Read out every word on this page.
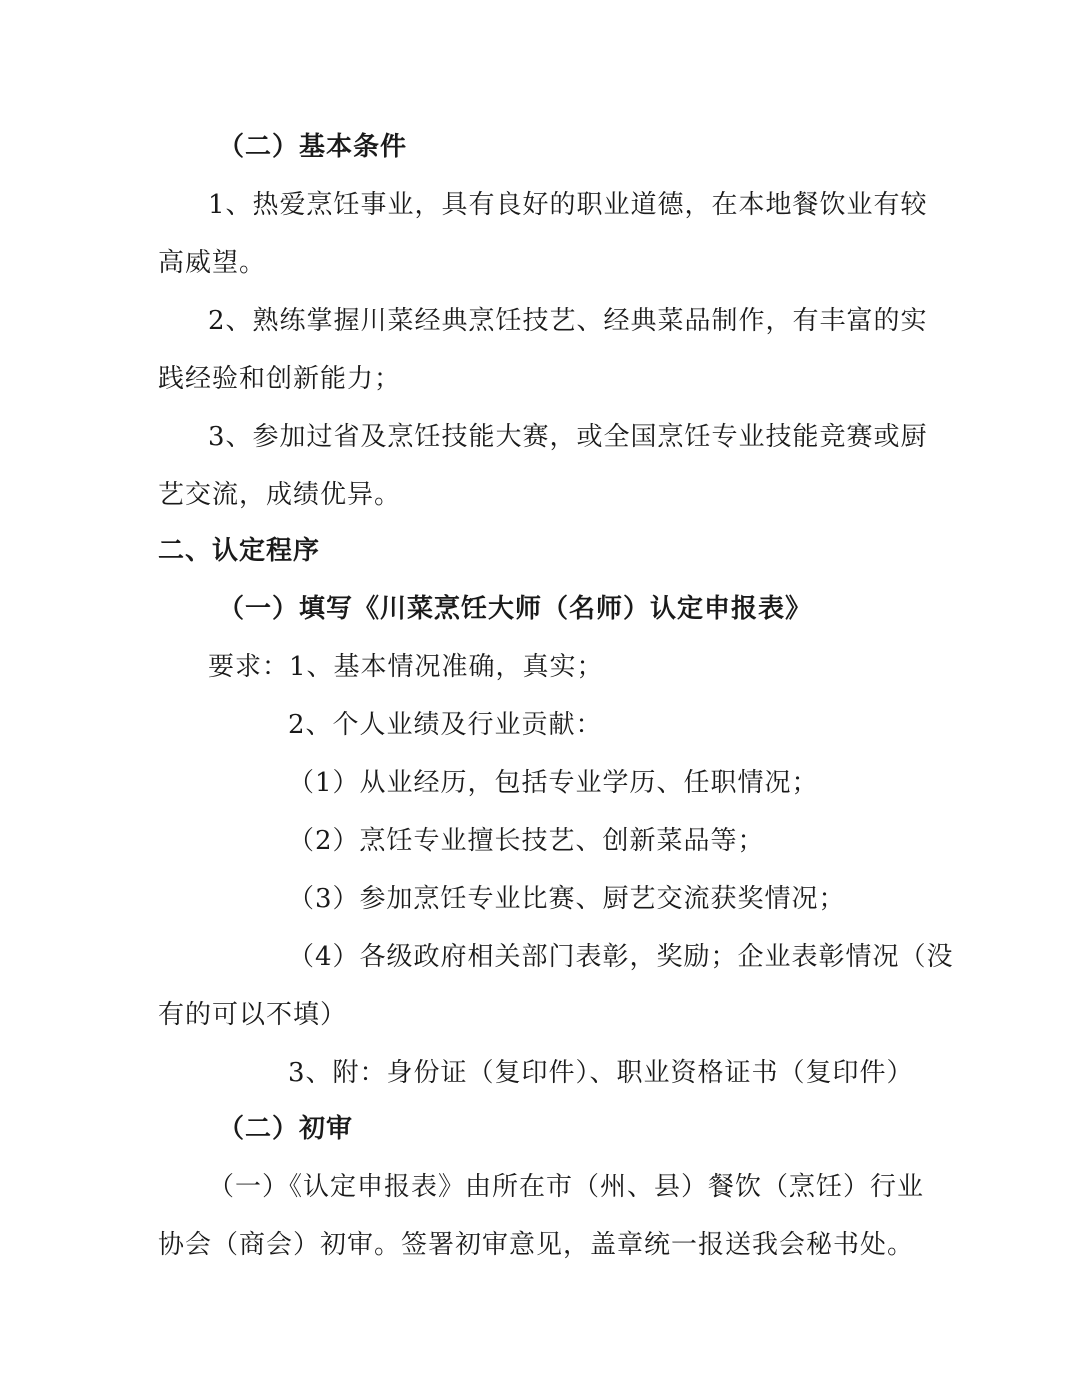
（二）基本条件
1、热爱烹饪事业，具有良好的职业道德，在本地餐饮业有较
高威望。
2、熟练掌握川菜经典烹饪技艺、经典菜品制作，有丰富的实
践经验和创新能力；
3、参加过省及烹饪技能大赛，或全国烹饪专业技能竞赛或厨
艺交流，成绩优异。
二、认定程序
（一）填写《川菜烹饪大师（名师）认定申报表》
要求：1、基本情况准确，真实；
2、个人业绩及行业贡献：
（1）从业经历，包括专业学历、任职情况；
（2）烹饪专业擅长技艺、创新菜品等；
（3）参加烹饪专业比赛、厨艺交流获奖情况；
（4）各级政府相关部门表彰，奖励；企业表彰情况（没
有的可以不填）
3、附：身份证（复印件）、职业资格证书（复印件）
（二）初审
（一）《认定申报表》由所在市（州、县）餐饮（烹饪）行业
协会（商会）初审。签署初审意见，盖章统一报送我会秘书处。
